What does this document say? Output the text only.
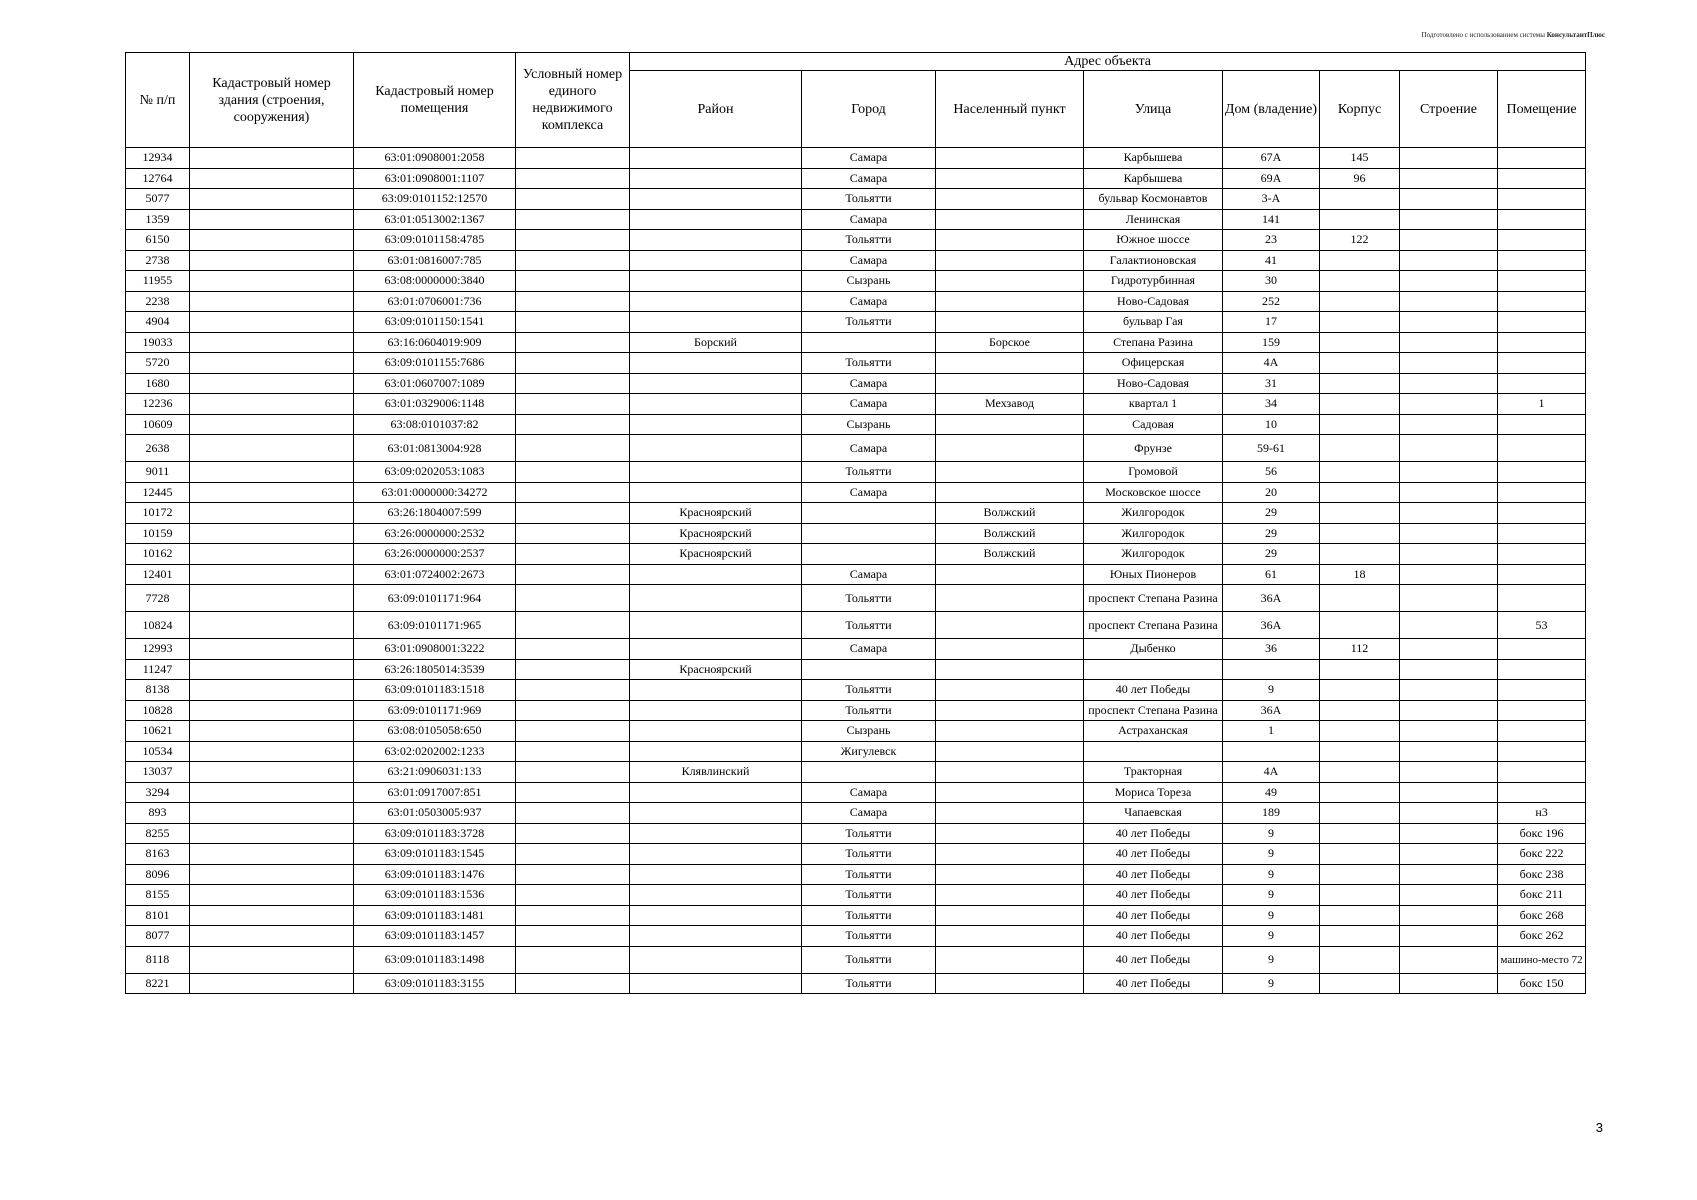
Подготовлено с использованием системы КонсультантПлюс
№ п/п	Кадастровый номер здания (строения, сооружения)	Кадастровый номер помещения	Условный номер единого недвижимого комплекса	Адрес объекта							
				Район	Город	Населенный пункт	Улица	Дом (владение)	Корпус	Строение	Помещение
12934		63:01:0908001:2058			Самара		Карбышева	67А	145		
12764		63:01:0908001:1107			Самара		Карбышева	69А	96		
5077		63:09:0101152:12570			Тольятти		бульвар Космонавтов	3-А			
1359		63:01:0513002:1367			Самара		Ленинская	141			
6150		63:09:0101158:4785			Тольятти		Южное шоссе	23	122		
2738		63:01:0816007:785			Самара		Галактионовская	41			
11955		63:08:0000000:3840			Сызрань		Гидротурбинная	30			
2238		63:01:0706001:736			Самара		Ново-Садовая	252			
4904		63:09:0101150:1541			Тольятти		бульвар Гая	17			
19033		63:16:0604019:909		Борский		Борское	Степана Разина	159			
5720		63:09:0101155:7686			Тольятти		Офицерская	4А			
1680		63:01:0607007:1089			Самара		Ново-Садовая	31			
12236		63:01:0329006:1148			Самара	Мехзавод	квартал 1	34			1
10609		63:08:0101037:82			Сызрань		Садовая	10			
2638		63:01:0813004:928			Самара		Фрунзе	59-61			
9011		63:09:0202053:1083			Тольятти		Громовой	56			
12445		63:01:0000000:34272			Самара		Московское шоссе	20			
10172		63:26:1804007:599		Красноярский		Волжский	Жилгородок	29			
10159		63:26:0000000:2532		Красноярский		Волжский	Жилгородок	29			
10162		63:26:0000000:2537		Красноярский		Волжский	Жилгородок	29			
12401		63:01:0724002:2673			Самара		Юных Пионеров	61	18		
7728		63:09:0101171:964			Тольятти		проспект Степана Разина	36А			
10824		63:09:0101171:965			Тольятти		проспект Степана Разина	36А			53
12993		63:01:0908001:3222			Самара		Дыбенко	36	112		
11247		63:26:1805014:3539		Красноярский							
8138		63:09:0101183:1518			Тольятти		40 лет Победы	9			
10828		63:09:0101171:969			Тольятти		проспект Степана Разина	36А			
10621		63:08:0105058:650			Сызрань		Астраханская	1			
10534		63:02:0202002:1233			Жигулевск						
13037		63:21:0906031:133		Клявлинский			Тракторная	4А			
3294		63:01:0917007:851			Самара		Мориса Тореза	49			
893		63:01:0503005:937			Самара		Чапаевская	189			н3
8255		63:09:0101183:3728			Тольятти		40 лет Победы	9			бокс 196
8163		63:09:0101183:1545			Тольятти		40 лет Победы	9			бокс 222
8096		63:09:0101183:1476			Тольятти		40 лет Победы	9			бокс 238
8155		63:09:0101183:1536			Тольятти		40 лет Победы	9			бокс 211
8101		63:09:0101183:1481			Тольятти		40 лет Победы	9			бокс 268
8077		63:09:0101183:1457			Тольятти		40 лет Победы	9			бокс 262
8118		63:09:0101183:1498			Тольятти		40 лет Победы	9			машино-место 72
8221		63:09:0101183:3155			Тольятти		40 лет Победы	9			бокс 150
3
